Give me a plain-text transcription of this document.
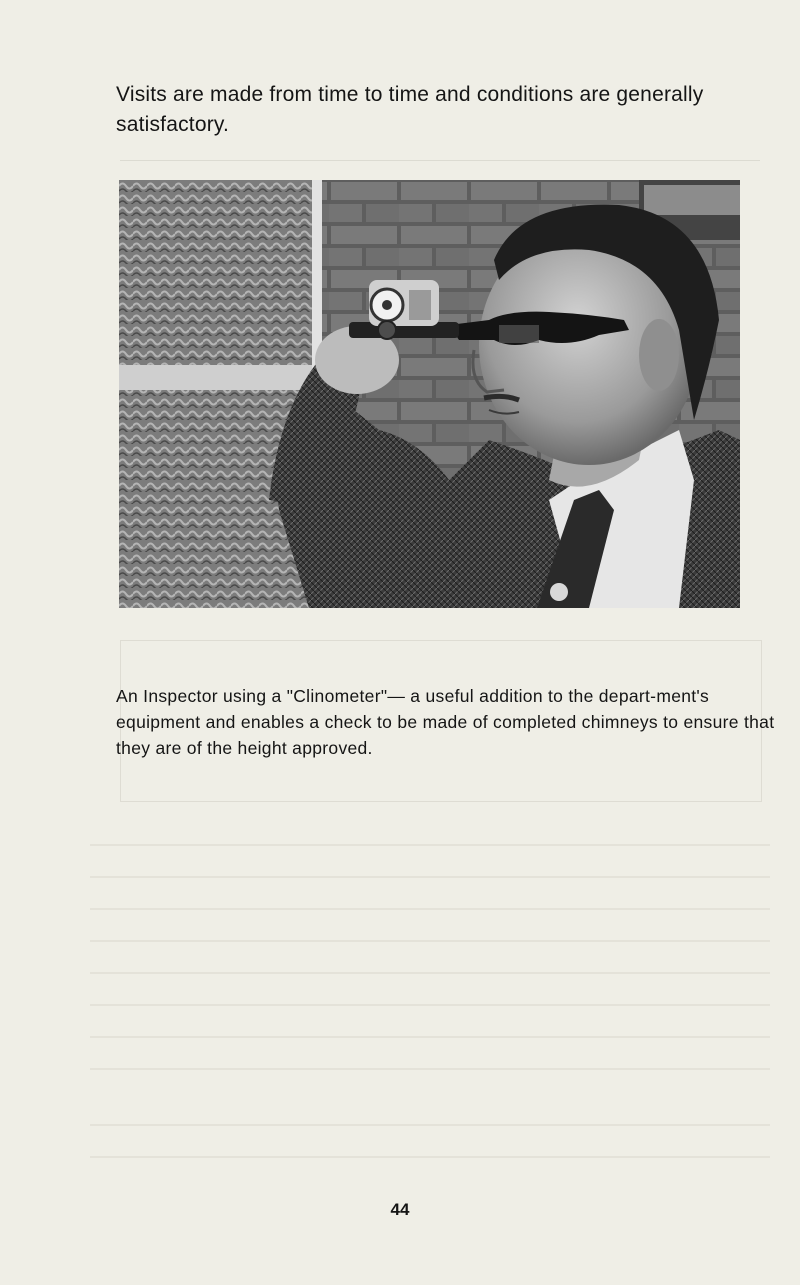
Visits are made from time to time and conditions are generally satisfactory.

An Inspector using a "Clinometer"— a useful addition to the depart-ment's equipment and enables a check to be made of completed chimneys to ensure that they are of the height approved.

44
